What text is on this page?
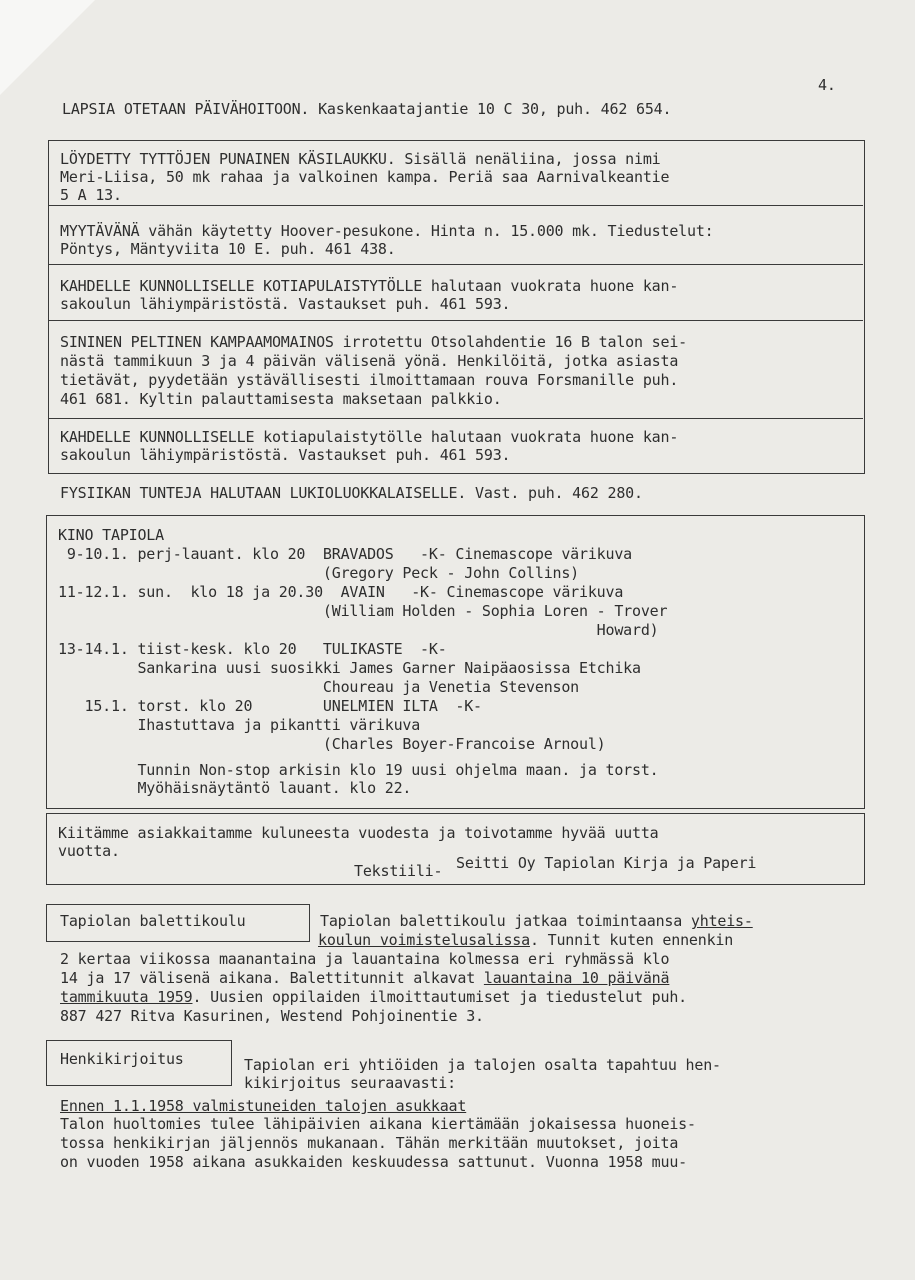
4.
LAPSIA OTETAAN PÄIVÄHOITOON. Kaskenkaatajantie 10 C 30, puh. 462 654.
LÖYDETTY TYTTÖJEN PUNAINEN KÄSILAUKKU. Sisällä nenäliina, jossa nimi
Meri-Liisa, 50 mk rahaa ja valkoinen kampa. Periä saa Aarnivalkeantie
5 A 13.
MYYTÄVÄNÄ vähän käytetty Hoover-pesukone. Hinta n. 15.000 mk. Tiedustelut:
Pöntys, Mäntyviita 10 E. puh. 461 438.
KAHDELLE KUNNOLLISELLE KOTIAPULAISTYTÖLLE halutaan vuokrata huone kan-
sakoulun lähiympäristöstä. Vastaukset puh. 461 593.
SININEN PELTINEN KAMPAAMOMAINOS irrotettu Otsolahdentie 16 B talon sei-
nästä tammikuun 3 ja 4 päivän välisenä yönä. Henkilöitä, jotka asiasta
tietävät, pyydetään ystävällisesti ilmoittamaan rouva Forsmanille puh.
461 681. Kyltin palauttamisesta maksetaan palkkio.
KAHDELLE KUNNOLLISELLE kotiapulaistytölle halutaan vuokrata huone kan-
sakoulun lähiympäristöstä. Vastaukset puh. 461 593.
FYSIIKAN TUNTEJA HALUTAAN LUKIOLUOKKALAISELLE. Vast. puh. 462 280.
KINO TAPIOLA
9-10.1. perj-lauant. klo 20  BRAVADOS   -K- Cinemascope värikuva
(Gregory Peck - John Collins)
11-12.1. sun.  klo 18 ja 20.30  AVAIN   -K- Cinemascope värikuva
(William Holden - Sophia Loren - Trover
Howard)
13-14.1. tiist-kesk. klo 20   TULIKASTE  -K-
Sankarina uusi suosikki James Garner Naipäaosissa Etchika
Choureau ja Venetia Stevenson
15.1. torst. klo 20        UNELMIEN ILTA  -K-
Ihastuttava ja pikantti värikuva
(Charles Boyer-Francoise Arnoul)
Tunnin Non-stop arkisin klo 19 uusi ohjelma maan. ja torst.
Myöhäisnäytäntö lauant. klo 22.
Kiitämme asiakkaitamme kuluneesta vuodesta ja toivotamme hyvää uutta
vuotta.
Tekstiili- Seitti Oy Tapiolan Kirja ja Paperi
Tapiolan balettikoulu	Tapiolan balettikoulu jatkaa toimintaansa yhteis-
koulun voimistelusalissa. Tunnit kuten ennenkin
2 kertaa viikossa maanantaina ja lauantaina kolmessa eri ryhmässä klo
14 ja 17 välisenä aikana. Balettitunnit alkavat lauantaina 10 päivänä
tammikuuta 1959. Uusien oppilaiden ilmoittautumiset ja tiedustelut puh.
887 427 Ritva Kasurinen, Westend Pohjoinentie 3.
Henkikirjoitus	Tapiolan eri yhtiöiden ja talojen osalta tapahtuu hen-
kikirjoitus seuraavasti:
Ennen 1.1.1958 valmistuneiden talojen asukkaat
Talon huoltomies tulee lähipäivien aikana kiertämään jokaisessa huoneis-
tossa henkikirjan jäljennös mukanaan. Tähän merkitään muutokset, joita
on vuoden 1958 aikana asukkaiden keskuudessa sattunut. Vuonna 1958 muu-
